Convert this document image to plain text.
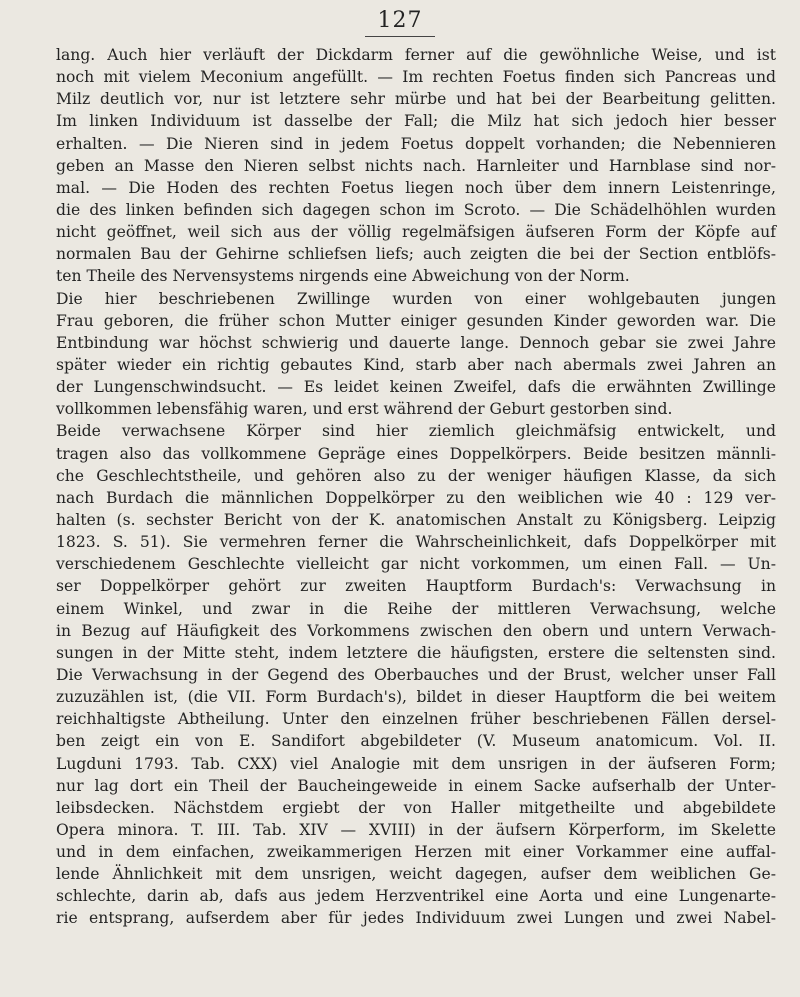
127
lang. Auch hier verläuft der Dickdarm ferner auf die gewöhnliche Weise, und ist
noch mit vielem Meconium angefüllt. — Im rechten Foetus finden sich Pancreas und
Milz deutlich vor, nur ist letztere sehr mürbe und hat bei der Bearbeitung gelitten.
Im linken Individuum ist dasselbe der Fall; die Milz hat sich jedoch hier besser
erhalten. — Die Nieren sind in jedem Foetus doppelt vorhanden; die Nebennieren
geben an Masse den Nieren selbst nichts nach. Harnleiter und Harnblase sind nor-
mal. — Die Hoden des rechten Foetus liegen noch über dem innern Leistenringe,
die des linken befinden sich dagegen schon im Scroto. — Die Schädelhöhlen wurden
nicht geöffnet, weil sich aus der völlig regelmäfsigen äufseren Form der Köpfe auf
normalen Bau der Gehirne schliefsen liefs; auch zeigten die bei der Section entblöfs-
ten Theile des Nervensystems nirgends eine Abweichung von der Norm.
Die hier beschriebenen Zwillinge wurden von einer wohlgebauten jungen
Frau geboren, die früher schon Mutter einiger gesunden Kinder geworden war. Die
Entbindung war höchst schwierig und dauerte lange. Dennoch gebar sie zwei Jahre
später wieder ein richtig gebautes Kind, starb aber nach abermals zwei Jahren an
der Lungenschwindsucht. — Es leidet keinen Zweifel, dafs die erwähnten Zwillinge
vollkommen lebensfähig waren, und erst während der Geburt gestorben sind.
Beide verwachsene Körper sind hier ziemlich gleichmäfsig entwickelt, und
tragen also das vollkommene Gepräge eines Doppelkörpers. Beide besitzen männli-
che Geschlechtstheile, und gehören also zu der weniger häufigen Klasse, da sich
nach Burdach die männlichen Doppelkörper zu den weiblichen wie 40 : 129 ver-
halten (s. sechster Bericht von der K. anatomischen Anstalt zu Königsberg. Leipzig
1823. S. 51). Sie vermehren ferner die Wahrscheinlichkeit, dafs Doppelkörper mit
verschiedenem Geschlechte vielleicht gar nicht vorkommen, um einen Fall. — Un-
ser Doppelkörper gehört zur zweiten Hauptform Burdach's: Verwachsung in
einem Winkel, und zwar in die Reihe der mittleren Verwachsung, welche
in Bezug auf Häufigkeit des Vorkommens zwischen den obern und untern Verwach-
sungen in der Mitte steht, indem letztere die häufigsten, erstere die seltensten sind.
Die Verwachsung in der Gegend des Oberbauches und der Brust, welcher unser Fall
zuzuzählen ist, (die VII. Form Burdach's), bildet in dieser Hauptform die bei weitem
reichhaltigste Abtheilung. Unter den einzelnen früher beschriebenen Fällen dersel-
ben zeigt ein von E. Sandifort abgebildeter (V. Museum anatomicum. Vol. II.
Lugduni 1793. Tab. CXX) viel Analogie mit dem unsrigen in der äufseren Form;
nur lag dort ein Theil der Baucheingeweide in einem Sacke aufserhalb der Unter-
leibsdecken. Nächstdem ergiebt der von Haller mitgetheilte und abgebildete
Opera minora. T. III. Tab. XIV — XVIII) in der äufsern Körperform, im Skelette
und in dem einfachen, zweikammerigen Herzen mit einer Vorkammer eine auffal-
lende Ähnlichkeit mit dem unsrigen, weicht dagegen, aufser dem weiblichen Ge-
schlechte, darin ab, dafs aus jedem Herzventrikel eine Aorta und eine Lungenarte-
rie entsprang, aufserdem aber für jedes Individuum zwei Lungen und zwei Nabel-
